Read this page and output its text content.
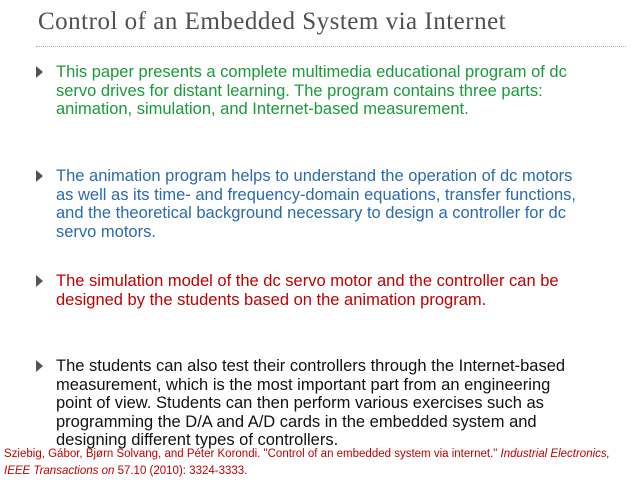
Control of an Embedded System via Internet
This paper presents a complete multimedia educational program of dc servo drives for distant learning. The program contains three parts: animation, simulation, and Internet-based measurement.
The animation program helps to understand the operation of dc motors as well as its time- and frequency-domain equations, transfer functions, and the theoretical background necessary to design a controller for dc servo motors.
The simulation model of the dc servo motor and the controller can be designed by the students based on the animation program.
The students can also test their controllers through the Internet-based measurement, which is the most important part from an engineering point of view. Students can then perform various exercises such as programming the D/A and A/D cards in the embedded system and designing different types of controllers.
Sziebig, Gábor, Bjørn Solvang, and Péter Korondi. "Control of an embedded system via internet." Industrial Electronics, IEEE Transactions on 57.10 (2010): 3324-3333.
